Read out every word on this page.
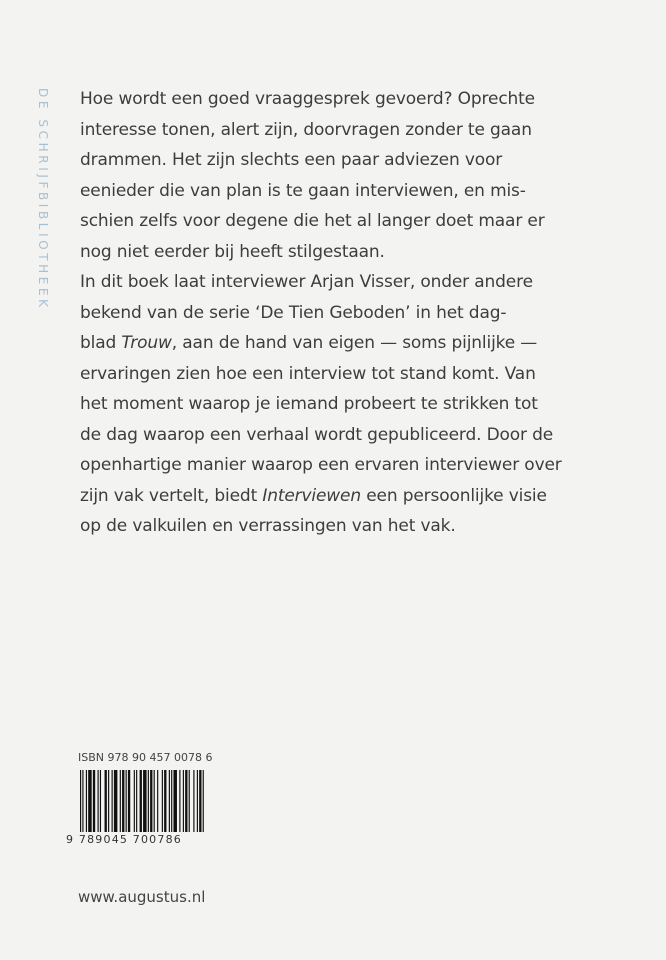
DE SCHRIJFBIBLIOTHEEK Hoe wordt een goed vraaggesprek gevoerd? Oprechte
interesse tonen, alert zijn, doorvragen zonder te gaan
drammen. Het zijn slechts een paar adviezen voor
eenieder die van plan is te gaan interviewen, en mis-
schien zelfs voor degene die het al langer doet maar er
nog niet eerder bij heeft stilgestaan.
In dit boek laat interviewer Arjan Visser, onder andere
bekend van de serie ‘De Tien Geboden’ in het dag-
blad Trouw, aan de hand van eigen — soms pijnlijke —
ervaringen zien hoe een interview tot stand komt. Van
het moment waarop je iemand probeert te strikken tot
de dag waarop een verhaal wordt gepubliceerd. Door de
openhartige manier waarop een ervaren interviewer over
zijn vak vertelt, biedt Interviewen een persoonlijke visie
op de valkuilen en verrassingen van het vak.
ISBN 978 90 457 0078 6
9 789045 700786
www.augustus.nl
